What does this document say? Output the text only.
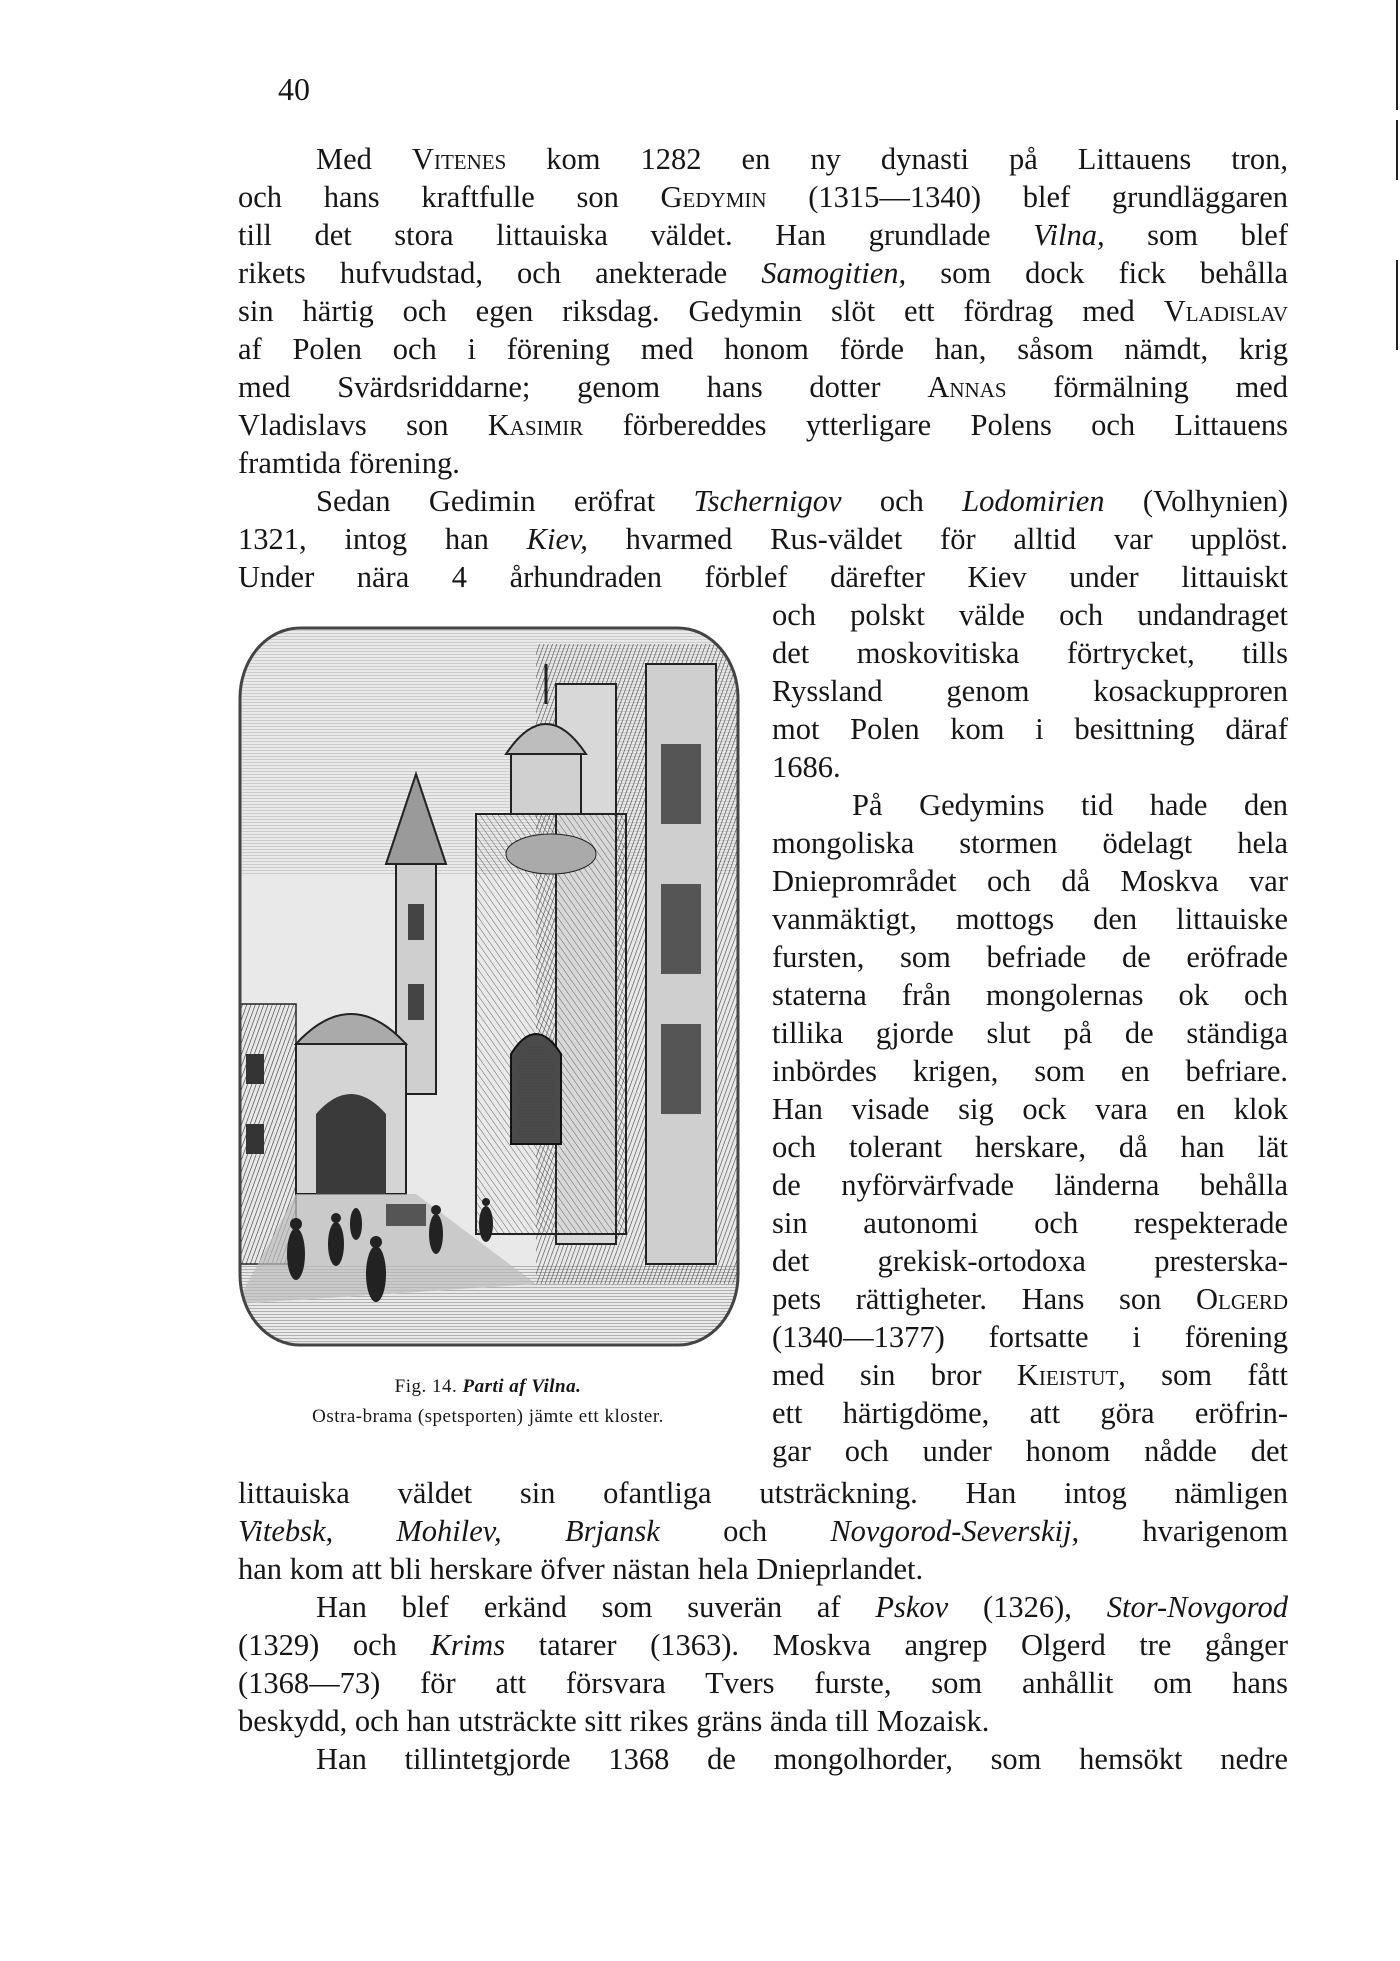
40

Med Vitenes kom 1282 en ny dynasti på Littauens tron,

och hans kraftfulle son Gedymin (1315—1340) blef grundläggaren

till det stora littauiska väldet. Han grundlade Vilna, som blef

rikets hufvudstad, och anekterade Samogitien, som dock fick behålla

sin härtig och egen riksdag. Gedymin slöt ett fördrag med Vladislav

af Polen och i förening med honom förde han, såsom nämdt, krig

med Svärdsriddarne; genom hans dotter Annas förmälning med

Vladislavs son Kasimir förbereddes ytterligare Polens och Littauens

framtida förening.

Sedan Gedimin eröfrat Tschernigov och Lodomirien (Volhynien)

1321, intog han Kiev, hvarmed Rus-väldet för alltid var upplöst.

Under nära 4 århundraden förblef därefter Kiev under littauiskt

och polskt välde och undandraget

det moskovitiska förtrycket, tills

Ryssland genom kosackupproren

mot Polen kom i besittning däraf

1686.

På Gedymins tid hade den

mongoliska stormen ödelagt hela

Dnieprområdet och då Moskva var

vanmäktigt, mottogs den littauiske

fursten, som befriade de eröfrade

staterna från mongolernas ok och

tillika gjorde slut på de ständiga

inbördes krigen, som en befriare.

Han visade sig ock vara en klok

och tolerant herskare, då han lät

de nyförvärfvade länderna behålla

sin autonomi och respekterade

det grekisk-ortodoxa presterska-

pets rättigheter. Hans son Olgerd

(1340—1377) fortsatte i förening

med sin bror Kieistut, som fått

ett härtigdöme, att göra eröfrin-

gar och under honom nådde det

Fig. 14. Parti af Vilna.
Ostra-brama (spetsporten) jämte ett kloster.

littauiska väldet sin ofantliga utsträckning. Han intog nämligen

Vitebsk, Mohilev, Brjansk och Novgorod-Severskij, hvarigenom

han kom att bli herskare öfver nästan hela Dnieprlandet.

Han blef erkänd som suverän af Pskov (1326), Stor-Novgorod

(1329) och Krims tatarer (1363). Moskva angrep Olgerd tre gånger

(1368—73) för att försvara Tvers furste, som anhållit om hans

beskydd, och han utsträckte sitt rikes gräns ända till Mozaisk.

Han tillintetgjorde 1368 de mongolhorder, som hemsökt nedre
